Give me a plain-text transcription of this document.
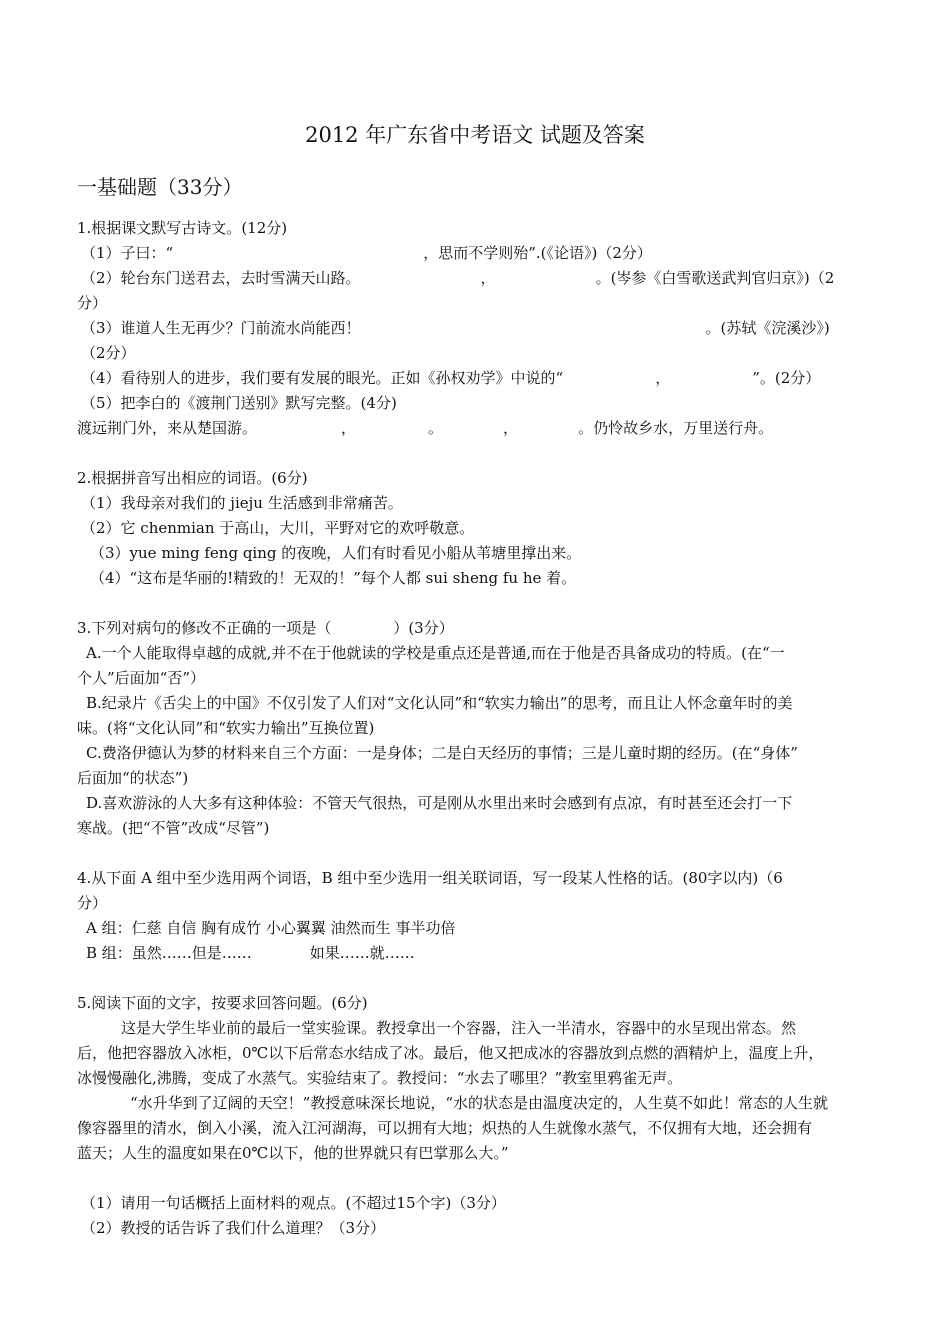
2012 年广东省中考语文 试题及答案
一基础题（33分）
1.根据课文默写古诗文。(12分)
（1）子曰：“	，思而不学则殆”.(《论语》)（2分）
（2）轮台东门送君去，去时雪满天山路。	，	。(岑参《白雪歌送武判官归京》)（2
分）
（3）谁道人生无再少？门前流水尚能西！	。(苏轼《浣溪沙》)
（2分）
（4）看待别人的进步，我们要有发展的眼光。正如《孙权劝学》中说的“	，	”。(2分）
（5）把李白的《渡荆门送别》默写完整。(4分)
渡远荆门外，来从楚国游。	，	。	，	。仍怜故乡水，万里送行舟。
2.根据拼音写出相应的词语。(6分)
（1）我母亲对我们的 jieju 生活感到非常痛苦。
（2）它 chenmian 于高山，大川，平野对它的欢呼敬意。
（3）yue ming feng qing 的夜晚，人们有时看见小船从苇塘里撑出来。
（4）“这布是华丽的!精致的！无双的！”每个人都 sui sheng fu he 着。
3.下列对病句的修改不正确的一项是（	）(3分）
A.一个人能取得卓越的成就,并不在于他就读的学校是重点还是普通,而在于他是否具备成功的特质。(在“一
个人”后面加“否”）
B.纪录片《舌尖上的中国》不仅引发了人们对“文化认同”和“软实力输出”的思考，而且让人怀念童年时的美
味。(将“文化认同”和“软实力输出”互换位置)
C.费洛伊德认为梦的材料来自三个方面：一是身体；二是白天经历的事情；三是儿童时期的经历。(在“身体”
后面加“的状态”)
D.喜欢游泳的人大多有这种体验：不管天气很热，可是刚从水里出来时会感到有点凉，有时甚至还会打一下
寒战。(把“不管”改成“尽管”)
4.从下面 A 组中至少选用两个词语，B 组中至少选用一组关联词语，写一段某人性格的话。(80字以内)（6
分）
A 组：仁慈 自信 胸有成竹 小心翼翼 油然而生 事半功倍
B 组：虽然……但是……	如果……就……
5.阅读下面的文字，按要求回答问题。(6分)
这是大学生毕业前的最后一堂实验课。教授拿出一个容器，注入一半清水，容器中的水呈现出常态。然
后，他把容器放入冰柜，0℃以下后常态水结成了冰。最后，他又把成冰的容器放到点燃的酒精炉上，温度上升，
冰慢慢融化,沸腾，变成了水蒸气。实验结束了。教授问：“水去了哪里？”教室里鸦雀无声。
“水升华到了辽阔的天空！”教授意味深长地说，“水的状态是由温度决定的，人生莫不如此！常态的人生就
像容器里的清水，倒入小溪，流入江河湖海，可以拥有大地；炽热的人生就像水蒸气，不仅拥有大地，还会拥有
蓝天；人生的温度如果在0℃以下，他的世界就只有巴掌那么大。”
（1）请用一句话概括上面材料的观点。(不超过15个字)（3分）
（2）教授的话告诉了我们什么道理？（3分）
